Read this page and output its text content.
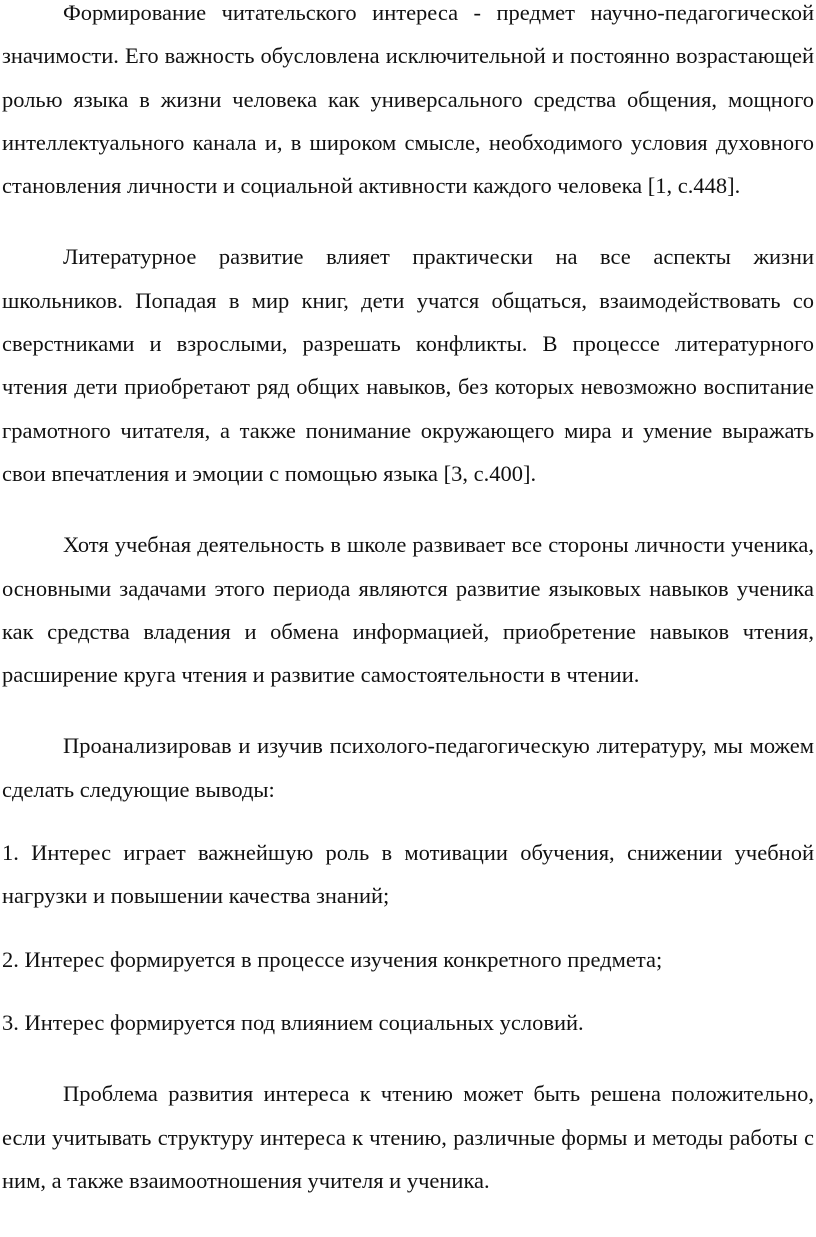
Формирование читательского интереса - предмет научно-педагогической значимости. Его важность обусловлена исключительной и постоянно возрастающей ролью языка в жизни человека как универсального средства общения, мощного интеллектуального канала и, в широком смысле, необходимого условия духовного становления личности и социальной активности каждого человека [1, с.448].

Литературное развитие влияет практически на все аспекты жизни школьников. Попадая в мир книг, дети учатся общаться, взаимодействовать со сверстниками и взрослыми, разрешать конфликты. В процессе литературного чтения дети приобретают ряд общих навыков, без которых невозможно воспитание грамотного читателя, а также понимание окружающего мира и умение выражать свои впечатления и эмоции с помощью языка [3, с.400].

Хотя учебная деятельность в школе развивает все стороны личности ученика, основными задачами этого периода являются развитие языковых навыков ученика как средства владения и обмена информацией, приобретение навыков чтения, расширение круга чтения и развитие самостоятельности в чтении.

Проанализировав и изучив психолого-педагогическую литературу, мы можем сделать следующие выводы:

1. Интерес играет важнейшую роль в мотивации обучения, снижении учебной нагрузки и повышении качества знаний;

2. Интерес формируется в процессе изучения конкретного предмета;

3. Интерес формируется под влиянием социальных условий.

Проблема развития интереса к чтению может быть решена положительно, если учитывать структуру интереса к чтению, различные формы и методы работы с ним, а также взаимоотношения учителя и ученика.
